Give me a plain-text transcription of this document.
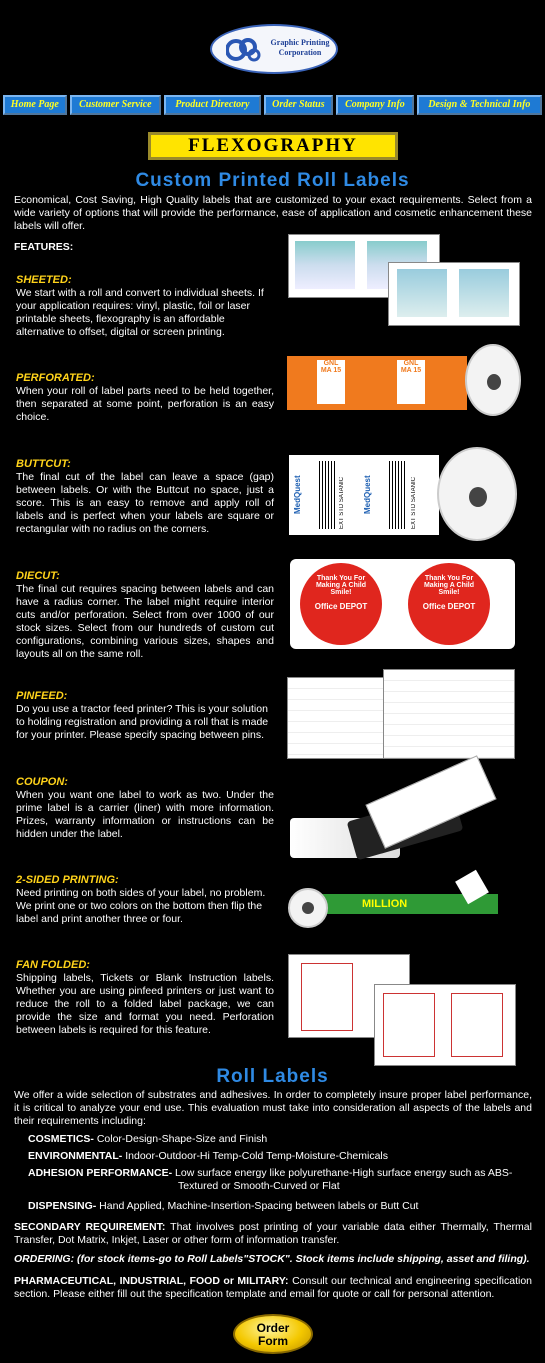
Graphic Printing
Corporation
Home Page	Customer Service	Product Directory	Order Status	Company Info	Design & Technical Info
FLEXOGRAPHY
Custom Printed Roll Labels
Economical, Cost Saving, High Quality labels that are customized to your exact requirements. Select from a wide variety of options that will provide the performance, ease of application and cosmetic enhancement these labels will offer.
FEATURES:
SHEETED:
We start with a roll and convert to individual sheets. If your application requires: vinyl, plastic, foil or laser printable sheets, flexography is an affordable alternative to offset, digital or screen printing.
PERFORATED:
When your roll of label parts need to be held together, then separated at some point, perforation is an easy choice.
BUTTCUT:
The final cut of the label can leave a space (gap) between labels. Or with the Buttcut no space, just a score. This is an easy to remove and apply roll of labels and is perfect when your labels are square or rectangular with no radius on the corners.
DIECUT:
The final cut requires spacing between labels and can have a radius corner. The label might require interior cuts and/or perforation. Select from over 1000 of our stock sizes. Select from our hundreds of custom cut configurations, combining various sizes, shapes and layouts all on the same roll.
PINFEED:
Do you use a tractor feed printer? This is your solution to holding registration and providing a roll that is made for your printer. Please specify spacing between pins.
COUPON:
When you want one label to work as two. Under the prime label is a carrier (liner) with more information. Prizes, warranty information or instructions can be hidden under the label.
2-SIDED PRINTING:
Need printing on both sides of your label, no problem. We print one or two colors on the bottom then flip the label and print another three or four.
FAN FOLDED:
Shipping labels, Tickets or Blank Instruction labels. Whether you are using pinfeed printers or just want to reduce the roll to a folded label package, we can provide the size and format you need. Perforation between labels is required for this feature.
GNL
MA 15
GNL
MA 15
MedQuest	MedQuest
EXT STD SATANIC	EXT STD SATANIC
Thank You For Making A Child Smile!
Office DEPOT
Thank You For Making A Child Smile!
Office DEPOT
MILLION
Roll Labels
We offer a wide selection of substrates and adhesives. In order to completely insure proper label performance, it is critical to analyze your end use. This evaluation must take into consideration all aspects of the labels and their requirements including:
COSMETICS- Color-Design-Shape-Size and Finish
ENVIRONMENTAL- Indoor-Outdoor-Hi Temp-Cold Temp-Moisture-Chemicals
ADHESION PERFORMANCE- Low surface energy like polyurethane-High surface energy such as ABS-
Textured or Smooth-Curved or Flat
DISPENSING- Hand Applied, Machine-Insertion-Spacing between labels or Butt Cut
SECONDARY REQUIREMENT: That involves post printing of your variable data either Thermally, Thermal Transfer, Dot Matrix, Inkjet, Laser or other form of information transfer.
ORDERING: (for stock items-go to Roll Labels"STOCK". Stock items include shipping, asset and filing).
PHARMACEUTICAL, INDUSTRIAL, FOOD or MILITARY: Consult our technical and engineering specification section. Please either fill out the specification template and email for quote or call for personal attention.
Order
Form
